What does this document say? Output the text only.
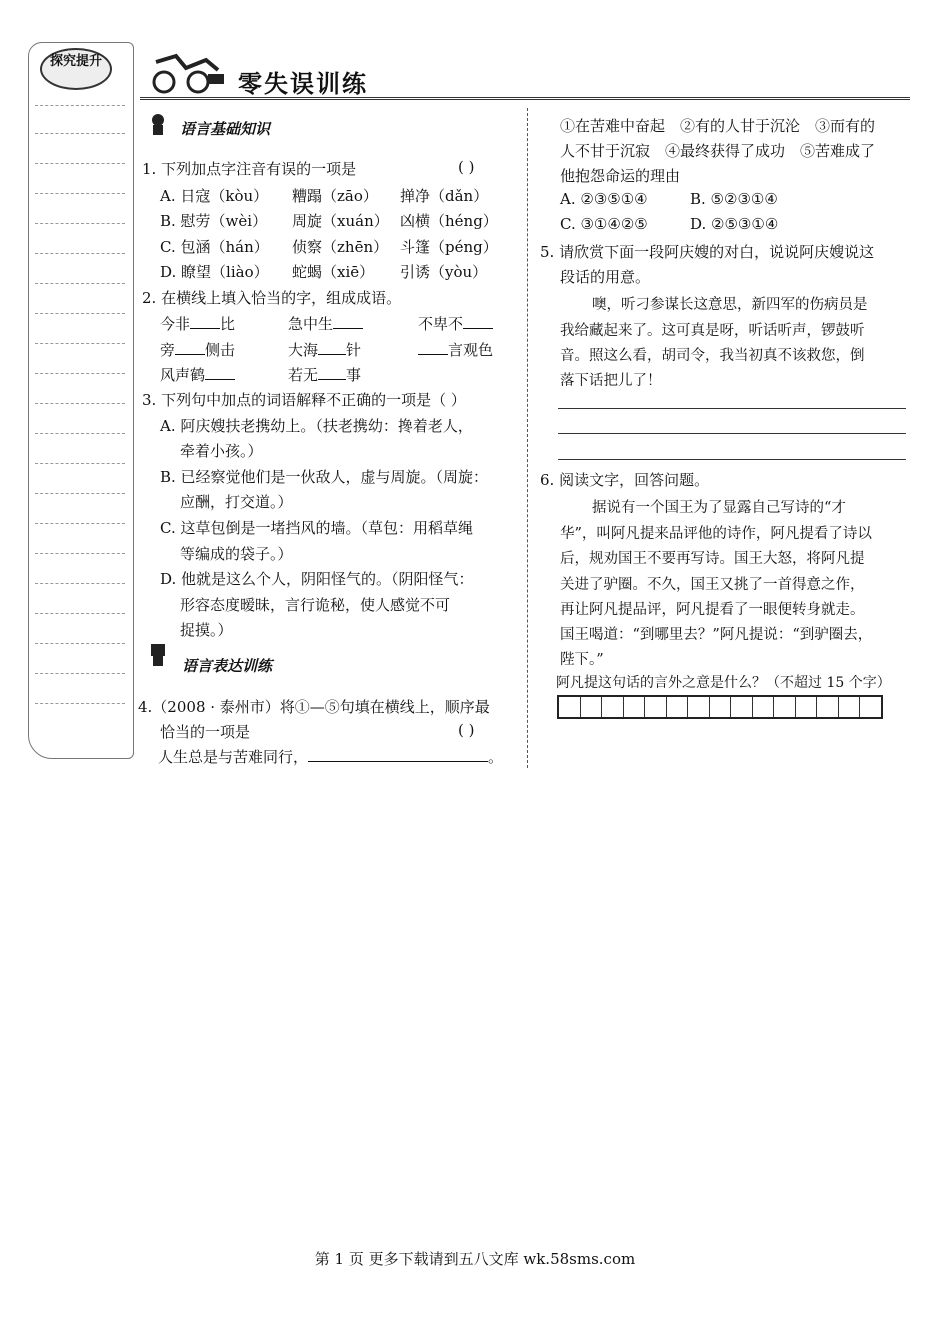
探究提升
零失误训练
语言基础知识
1. 下列加点字注音有误的一项是	( )
A. 日寇（kòu） 糟蹋（zāo） 掸净（dǎn）
B. 慰劳（wèi） 周旋（xuán） 凶横（héng）
C. 包涵（hán） 侦察（zhēn） 斗篷（péng）
D. 瞭望（liào） 蛇蝎（xiē） 引诱（yòu）
2. 在横线上填入恰当的字，组成成语。
今非 比	急中生	不卑不
旁 侧击	大海 针	言观色
风声鹤	若无 事
3. 下列句中加点的词语解释不正确的一项是（ ）
A. 阿庆嫂扶老携幼上。（扶老携幼：搀着老人，
牵着小孩。）
B. 已经察觉他们是一伙敌人，虚与周旋。（周旋：
应酬，打交道。）
C. 这草包倒是一堵挡风的墙。（草包：用稻草绳
等编成的袋子。）
D. 他就是这么个人，阴阳怪气的。（阴阳怪气：
形容态度暧昧，言行诡秘，使人感觉不可
捉摸。）
语言表达训练
4.（2008 · 泰州市）将①—⑤句填在横线上，顺序最
恰当的一项是	( )
人生总是与苦难同行，	。
①在苦难中奋起　②有的人甘于沉沦　③而有的
人不甘于沉寂　④最终获得了成功　⑤苦难成了
他抱怨命运的理由
A. ②③⑤①④	B. ⑤②③①④
C. ③①④②⑤	D. ②⑤③①④
5. 请欣赏下面一段阿庆嫂的对白，说说阿庆嫂说这
段话的用意。
噢，听刁参谋长这意思，新四军的伤病员是
我给藏起来了。这可真是呀，听话听声，锣鼓听
音。照这么看，胡司令，我当初真不该救您，倒
落下话把儿了！
6. 阅读文字，回答问题。
据说有一个国王为了显露自己写诗的“才
华”，叫阿凡提来品评他的诗作，阿凡提看了诗以
后，规劝国王不要再写诗。国王大怒，将阿凡提
关进了驴圈。不久，国王又挑了一首得意之作，
再让阿凡提品评，阿凡提看了一眼便转身就走。
国王喝道：“到哪里去？”阿凡提说：“到驴圈去，
陛下。”
阿凡提这句话的言外之意是什么？（不超过 15 个字）
第 1 页 更多下载请到五八文库 wk.58sms.com
